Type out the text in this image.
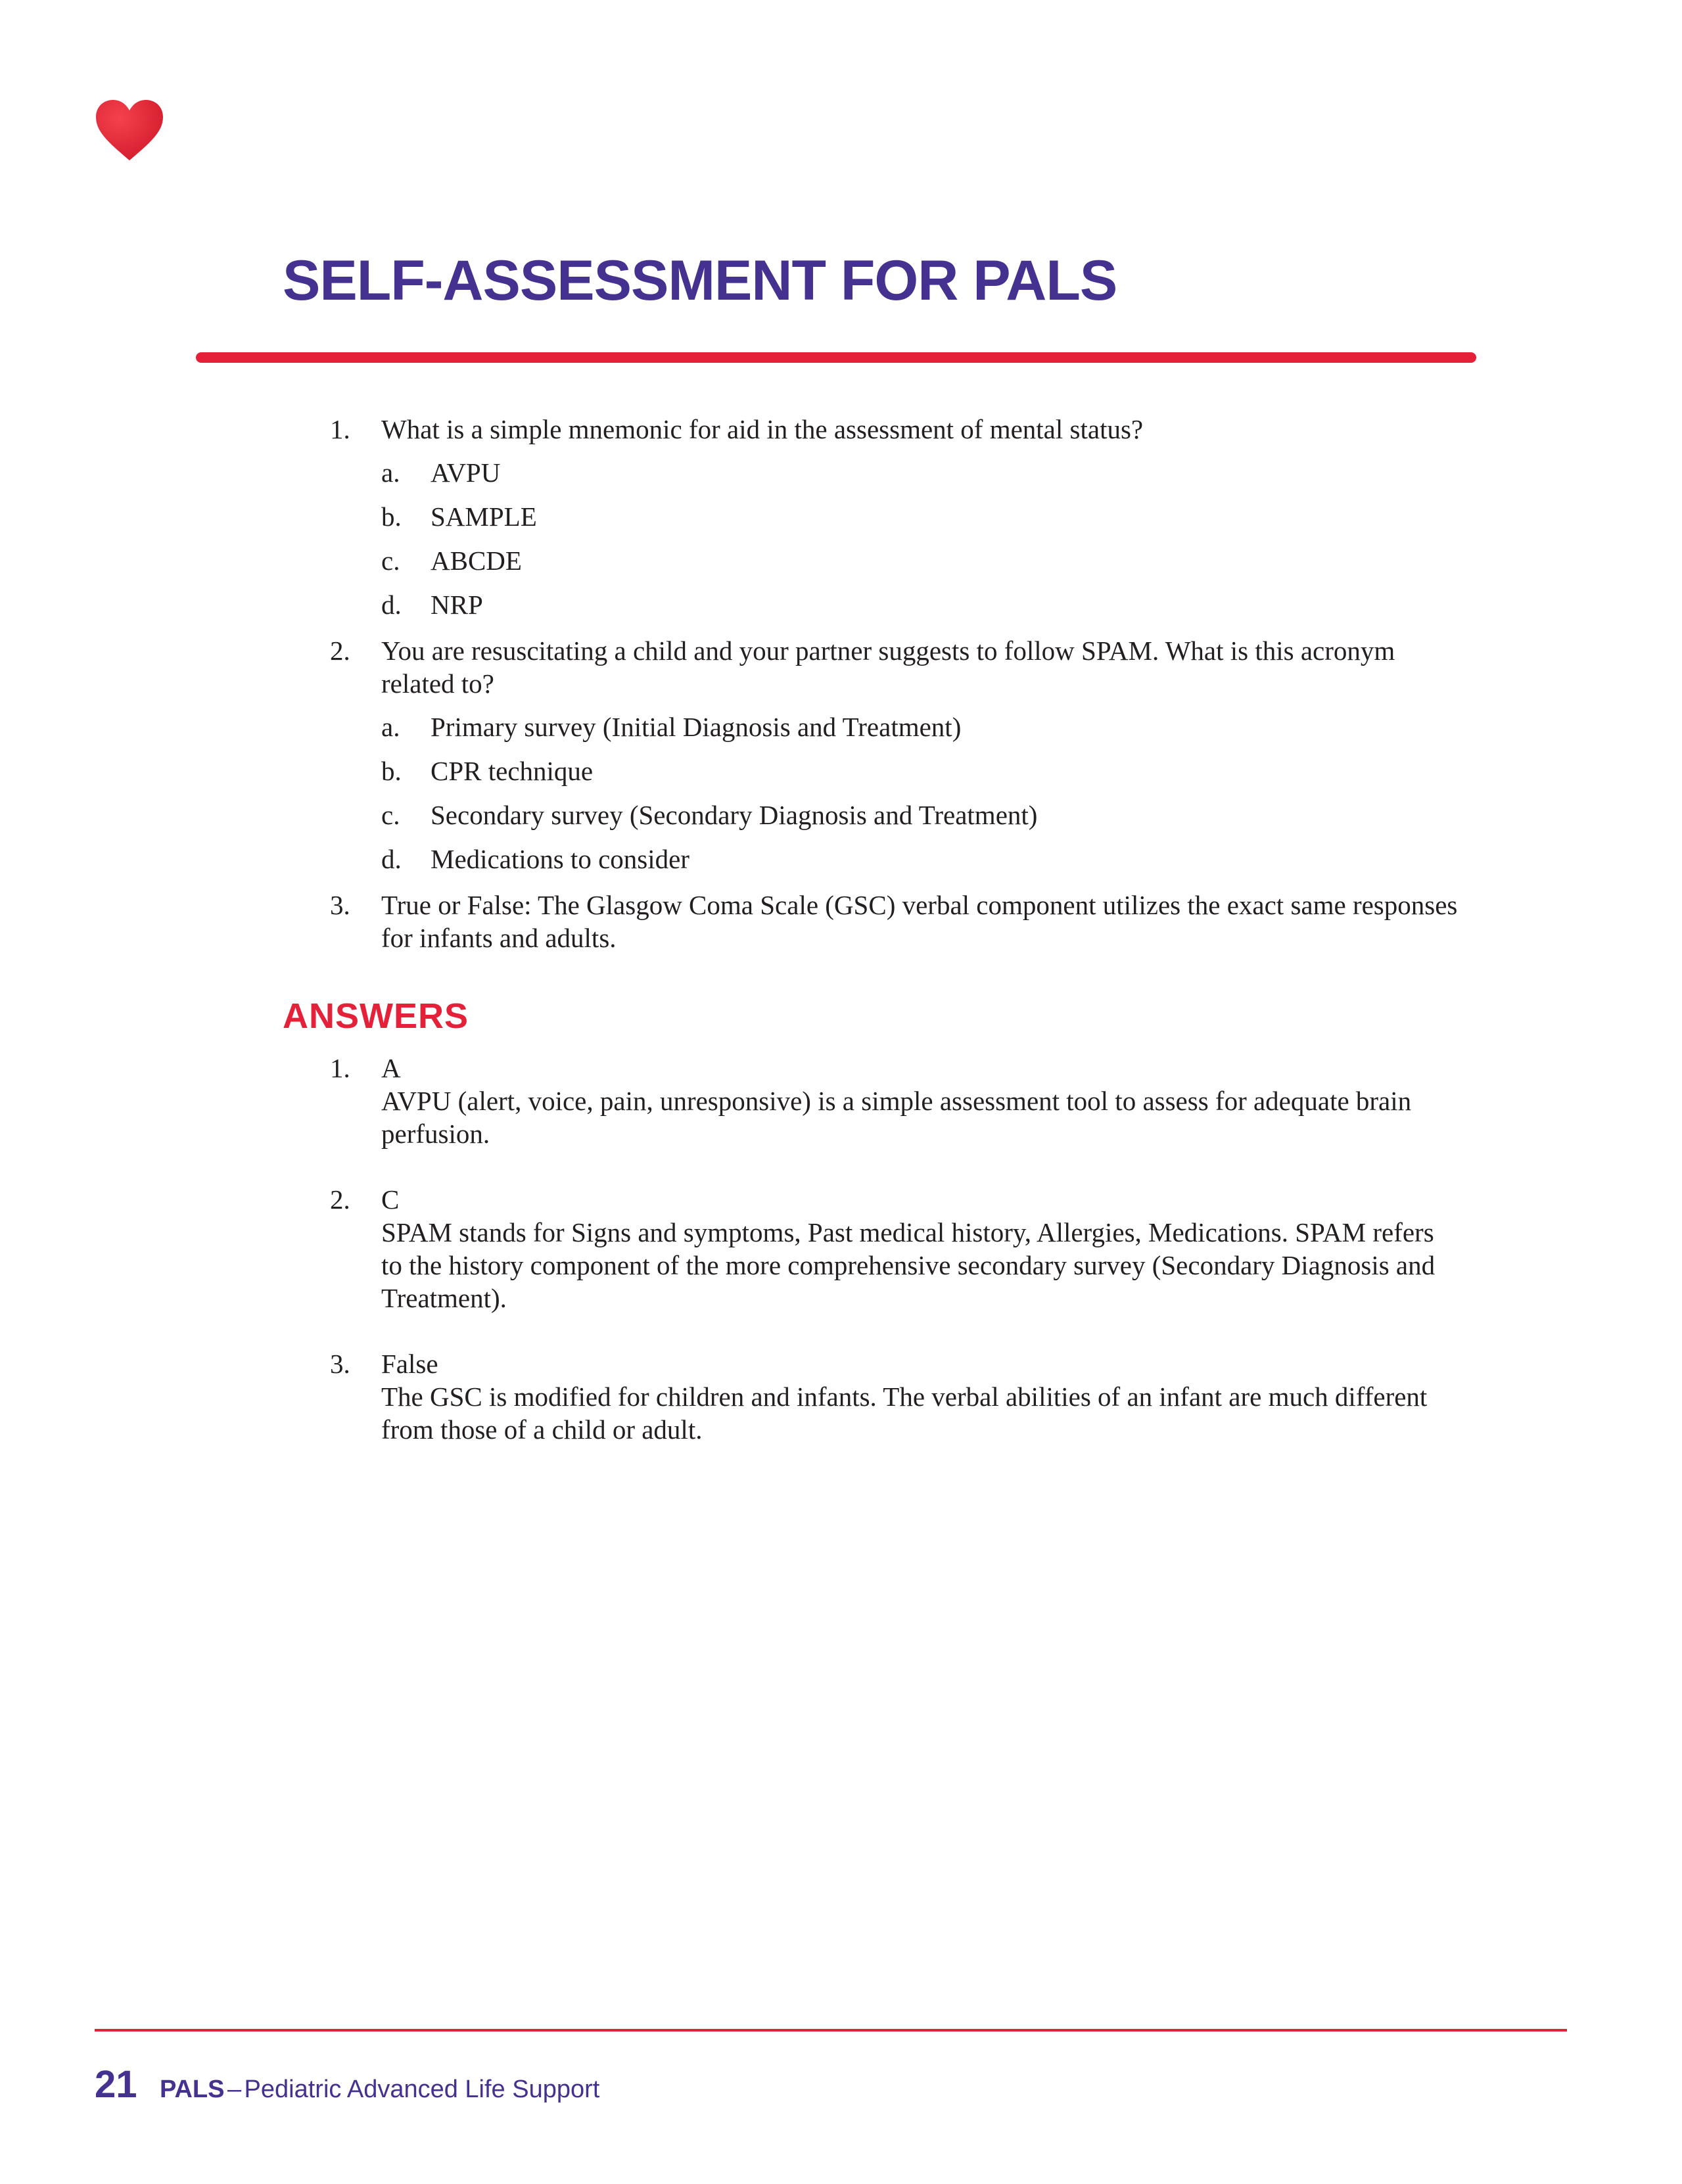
SELF-ASSESSMENT FOR PALS
1. What is a simple mnemonic for aid in the assessment of mental status?
a. AVPU
b. SAMPLE
c. ABCDE
d. NRP
2. You are resuscitating a child and your partner suggests to follow SPAM. What is this acronym related to?
a. Primary survey (Initial Diagnosis and Treatment)
b. CPR technique
c. Secondary survey (Secondary Diagnosis and Treatment)
d. Medications to consider
3. True or False: The Glasgow Coma Scale (GSC) verbal component utilizes the exact same responses for infants and adults.
ANSWERS
1. A
AVPU (alert, voice, pain, unresponsive) is a simple assessment tool to assess for adequate brain perfusion.
2. C
SPAM stands for Signs and symptoms, Past medical history, Allergies, Medications. SPAM refers to the history component of the more comprehensive secondary survey (Secondary Diagnosis and Treatment).
3. False
The GSC is modified for children and infants. The verbal abilities of an infant are much different from those of a child or adult.
21 PALS – Pediatric Advanced Life Support
